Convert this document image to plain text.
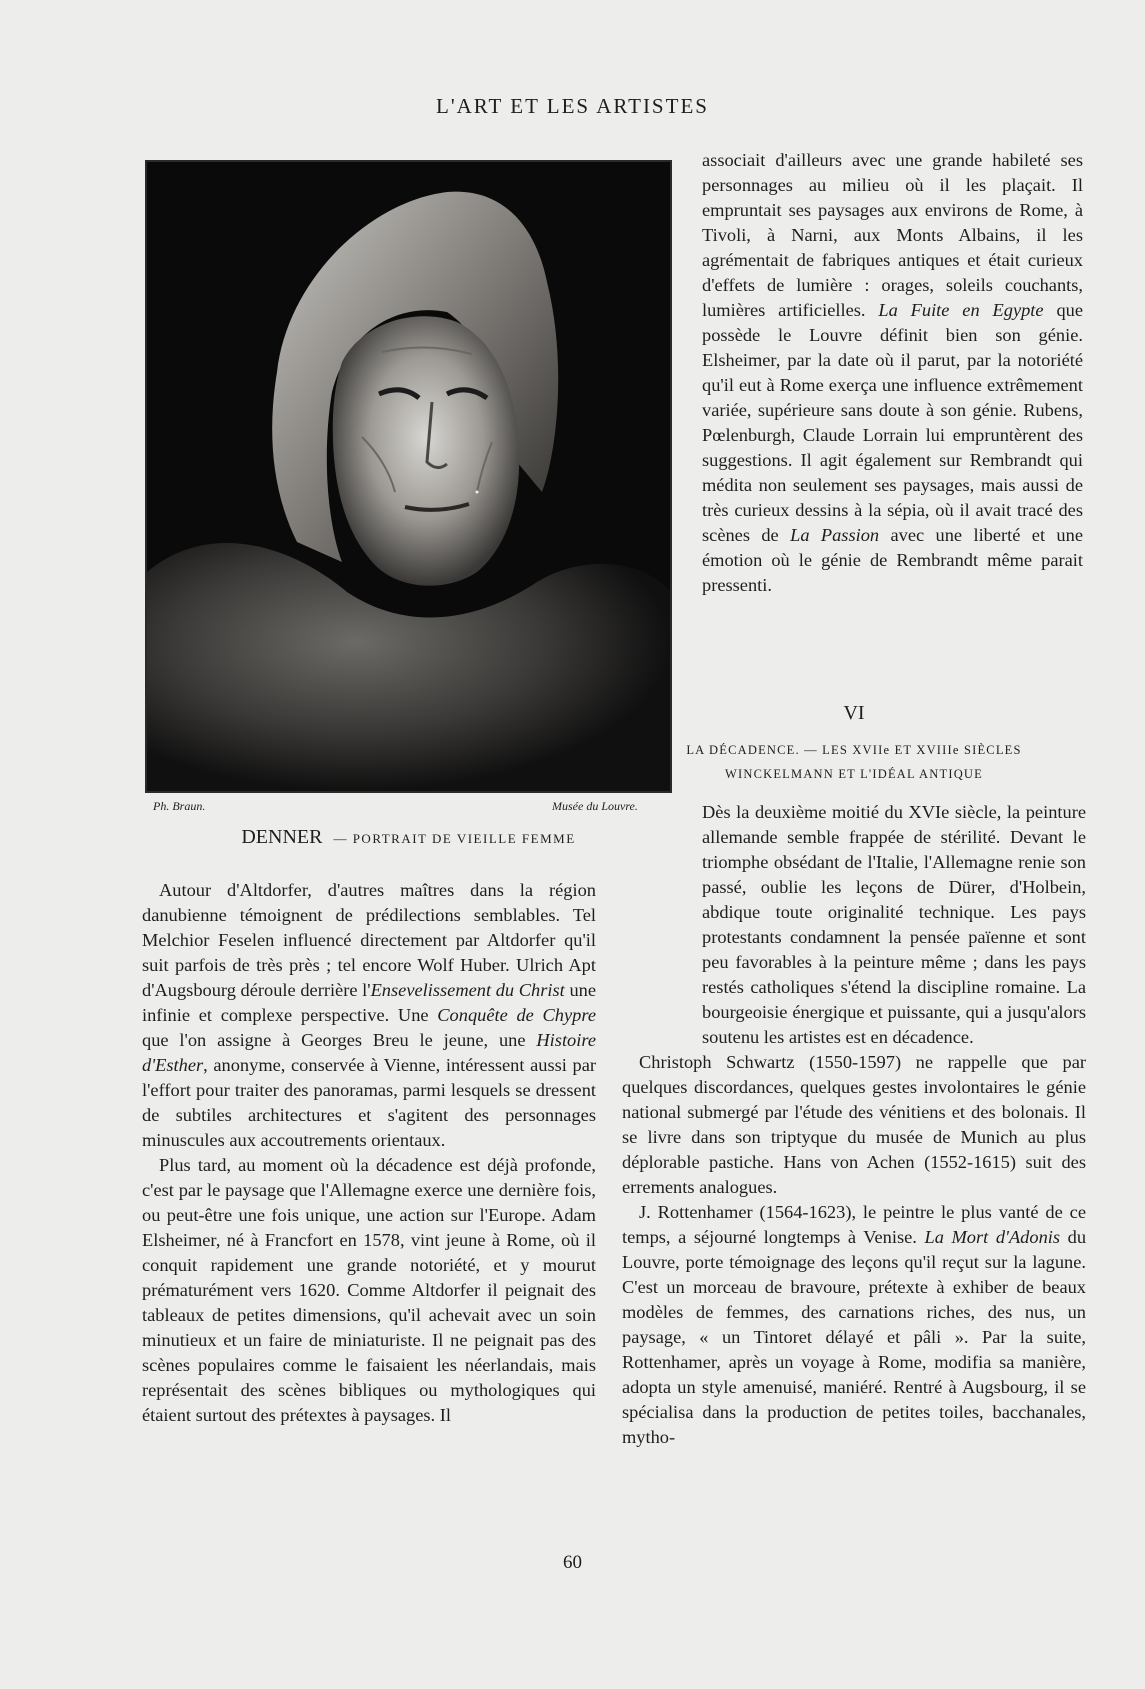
L'ART ET LES ARTISTES
Ph. Braun.	Musée du Louvre.
DENNER — PORTRAIT DE VIEILLE FEMME

associait d'ailleurs avec une grande habileté ses personnages au milieu où il les plaçait. Il empruntait ses paysages aux environs de Rome, à Tivoli, à Narni, aux Monts Albains, il les agrémentait de fabriques antiques et était curieux d'effets de lumière : orages, soleils couchants, lumières artificielles. La Fuite en Egypte que possède le Louvre définit bien son génie. Elsheimer, par la date où il parut, par la notoriété qu'il eut à Rome exerça une influence extrêmement variée, supérieure sans doute à son génie. Rubens, Pœlenburgh, Claude Lorrain lui empruntèrent des suggestions. Il agit également sur Rembrandt qui médita non seulement ses paysages, mais aussi de très curieux dessins à la sépia, où il avait tracé des scènes de La Passion avec une liberté et une émotion où le génie de Rembrandt même parait pressenti.

VI
LA DÉCADENCE. — LES XVIIe ET XVIIIe SIÈCLES
WINCKELMANN ET L'IDÉAL ANTIQUE

Autour d'Altdorfer, d'autres maîtres dans la région danubienne témoignent de prédilections semblables. Tel Melchior Feselen influencé directement par Altdorfer qu'il suit parfois de très près ; tel encore Wolf Huber. Ulrich Apt d'Augsbourg déroule derrière l'Ensevelissement du Christ une infinie et complexe perspective. Une Conquête de Chypre que l'on assigne à Georges Breu le jeune, une Histoire d'Esther, anonyme, conservée à Vienne, intéressent aussi par l'effort pour traiter des panoramas, parmi lesquels se dressent de subtiles architectures et s'agitent des personnages minuscules aux accoutrements orientaux.

Plus tard, au moment où la décadence est déjà profonde, c'est par le paysage que l'Allemagne exerce une dernière fois, ou peut-être une fois unique, une action sur l'Europe. Adam Elsheimer, né à Francfort en 1578, vint jeune à Rome, où il conquit rapidement une grande notoriété, et y mourut prématurément vers 1620. Comme Altdorfer il peignait des tableaux de petites dimensions, qu'il achevait avec un soin minutieux et un faire de miniaturiste. Il ne peignait pas des scènes populaires comme le faisaient les néerlandais, mais représentait des scènes bibliques ou mythologiques qui étaient surtout des prétextes à paysages. Il

Dès la deuxième moitié du XVIe siècle, la peinture allemande semble frappée de stérilité. Devant le triomphe obsédant de l'Italie, l'Allemagne renie son passé, oublie les leçons de Dürer, d'Holbein, abdique toute originalité technique. Les pays protestants condamnent la pensée païenne et sont peu favorables à la peinture même ; dans les pays restés catholiques s'étend la discipline romaine. La bourgeoisie énergique et puissante, qui a jusqu'alors soutenu les artistes est en décadence.

Christoph Schwartz (1550-1597) ne rappelle que par quelques discordances, quelques gestes involontaires le génie national submergé par l'étude des vénitiens et des bolonais. Il se livre dans son triptyque du musée de Munich au plus déplorable pastiche. Hans von Achen (1552-1615) suit des errements analogues.

J. Rottenhamer (1564-1623), le peintre le plus vanté de ce temps, a séjourné longtemps à Venise. La Mort d'Adonis du Louvre, porte témoignage des leçons qu'il reçut sur la lagune. C'est un morceau de bravoure, prétexte à exhiber de beaux modèles de femmes, des carnations riches, des nus, un paysage, « un Tintoret délayé et pâli ». Par la suite, Rottenhamer, après un voyage à Rome, modifia sa manière, adopta un style amenuisé, maniéré. Rentré à Augsbourg, il se spécialisa dans la production de petites toiles, bacchanales, mytho-

60
